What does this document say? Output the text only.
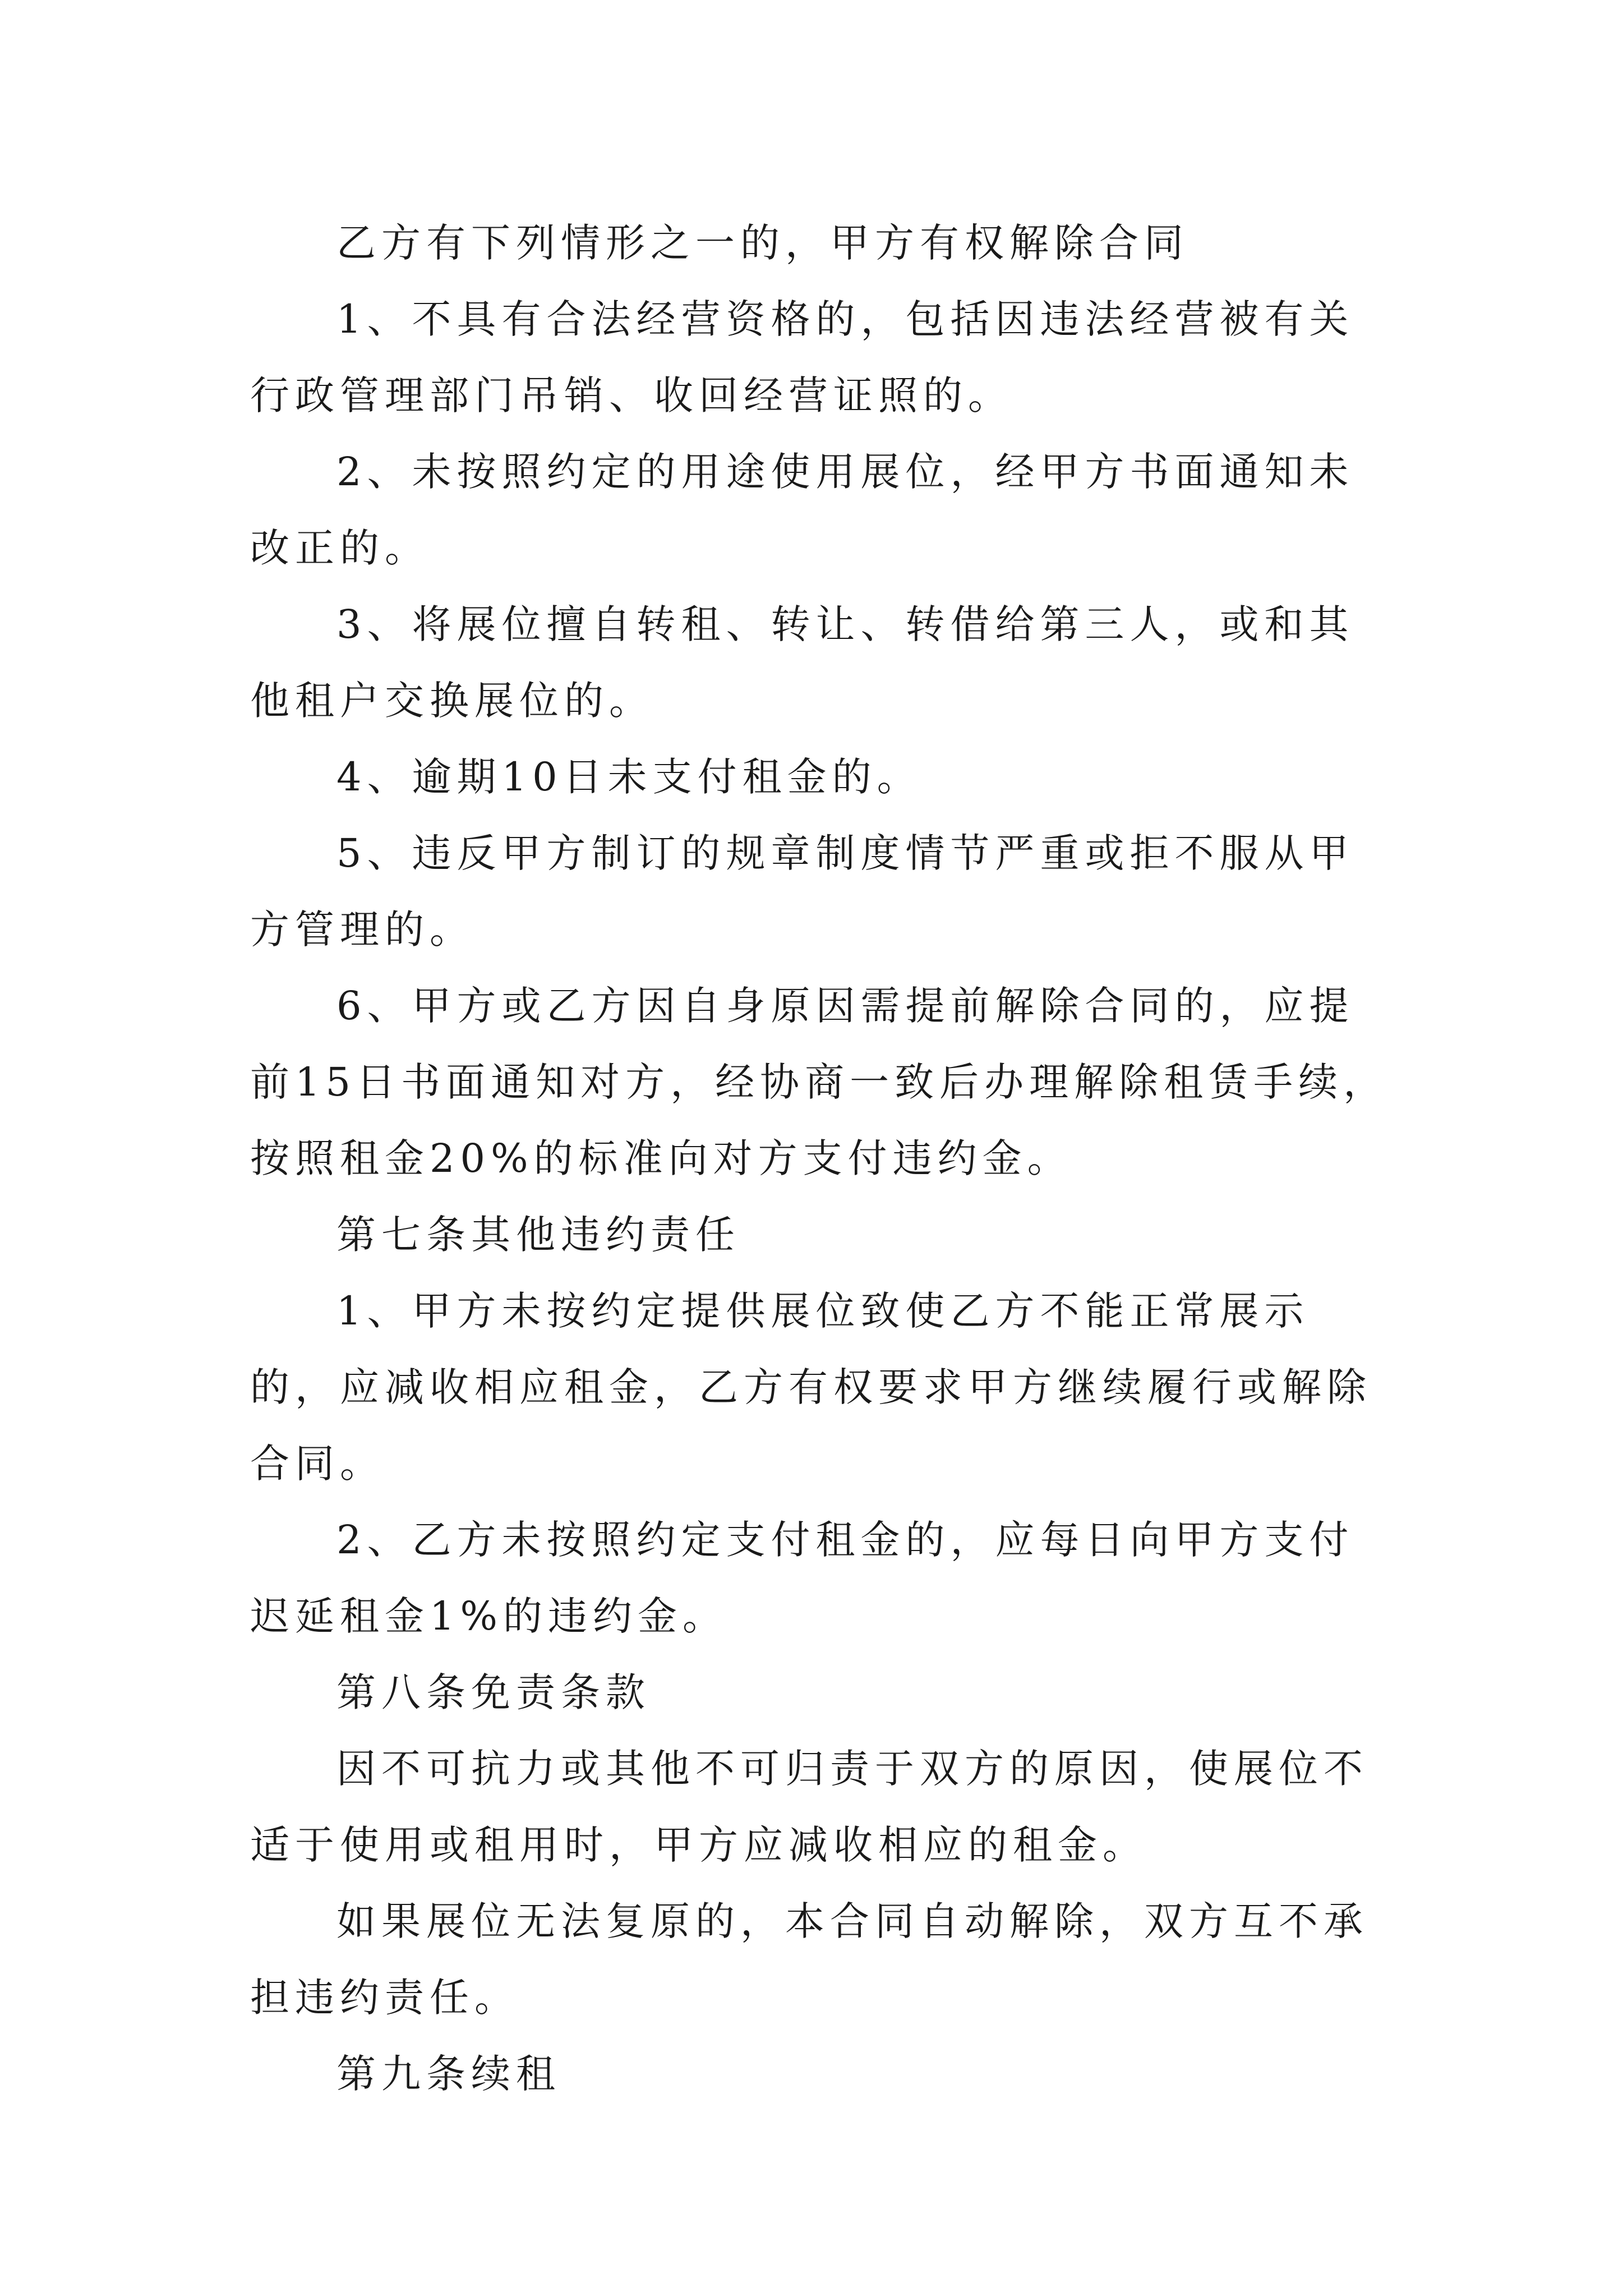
乙方有下列情形之一的，甲方有权解除合同

1、不具有合法经营资格的，包括因违法经营被有关行政管理部门吊销、收回经营证照的。

2、未按照约定的用途使用展位，经甲方书面通知未改正的。

3、将展位擅自转租、转让、转借给第三人，或和其他租户交换展位的。

4、逾期10日未支付租金的。

5、违反甲方制订的规章制度情节严重或拒不服从甲方管理的。

6、甲方或乙方因自身原因需提前解除合同的，应提前15日书面通知对方，经协商一致后办理解除租赁手续，按照租金20%的标准向对方支付违约金。

第七条其他违约责任

1、甲方未按约定提供展位致使乙方不能正常展示的，应减收相应租金，乙方有权要求甲方继续履行或解除合同。

2、乙方未按照约定支付租金的，应每日向甲方支付迟延租金1%的违约金。

第八条免责条款

因不可抗力或其他不可归责于双方的原因，使展位不适于使用或租用时，甲方应减收相应的租金。

如果展位无法复原的，本合同自动解除，双方互不承担违约责任。

第九条续租
